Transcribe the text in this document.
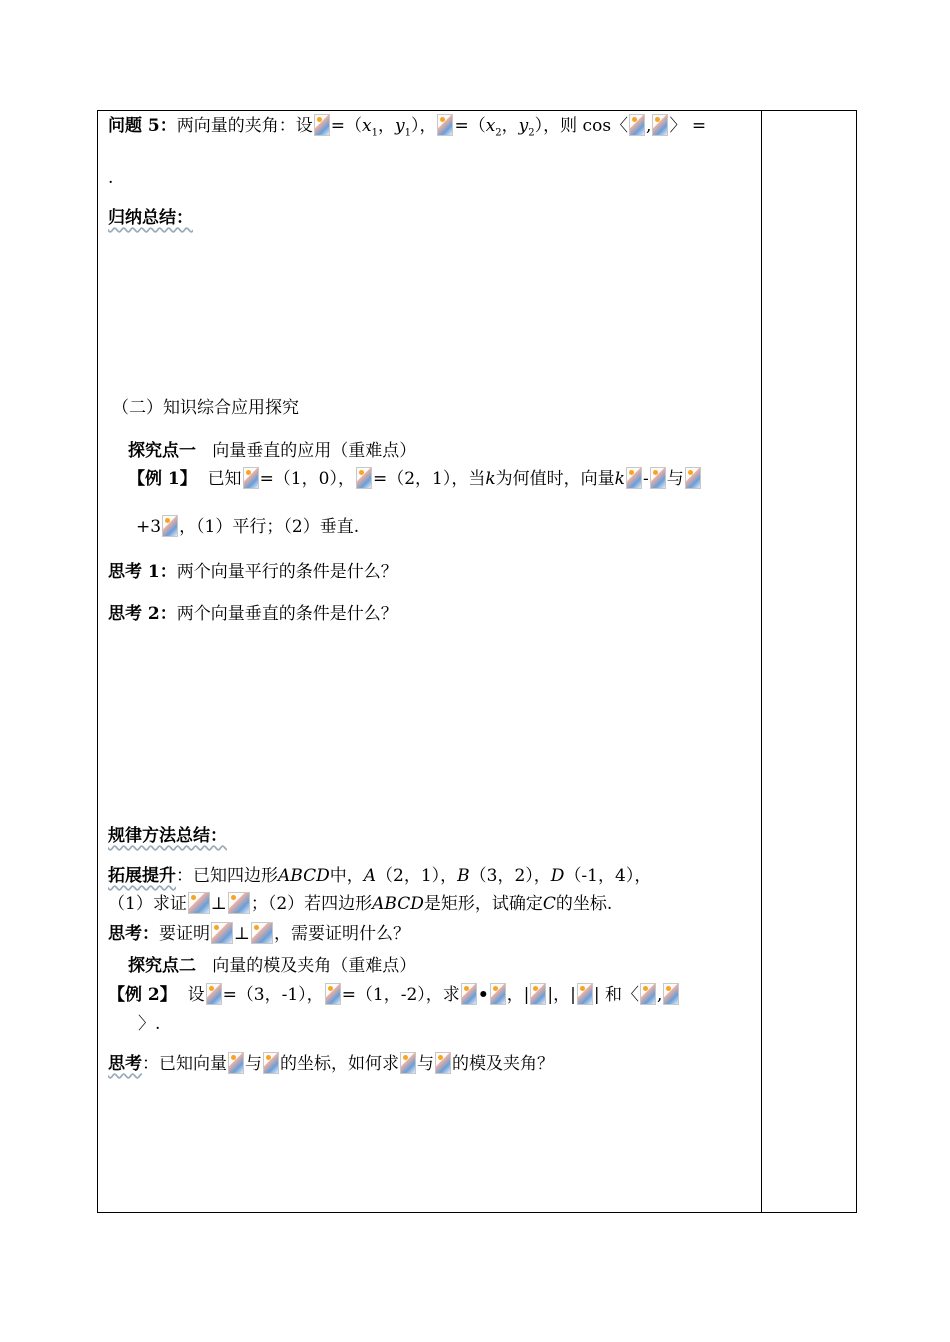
问题 5：两向量的夹角：设 $=(x_1$，$y_1$）， $=(x_2$，$y_2$），则 cos〈 , 〉 =
.
归纳总结：
（二）知识综合应用探究
探究点一 向量垂直的应用（重难点）
【例 1】 已知 =（1，0）， =（2，1），当k为何值时，向量k - 与
+3 ，（1）平行；（2）垂直.
思考 1：两个向量平行的条件是什么？
思考 2：两个向量垂直的条件是什么？
规律方法总结：
拓展提升：已知四边形ABCD中，A（2，1），B（3，2），D（-1，4），
（1）求证 ⊥ ；（2）若四边形ABCD是矩形，试确定C的坐标.
思考：要证明 ⊥ ，需要证明什么？
探究点二 向量的模及夹角（重难点）
【例 2】 设 =（3，-1）， =（1，-2），求 • ，| |，| | 和〈 ,
〉.
思考：已知向量 与 的坐标，如何求 与 的模及夹角？
